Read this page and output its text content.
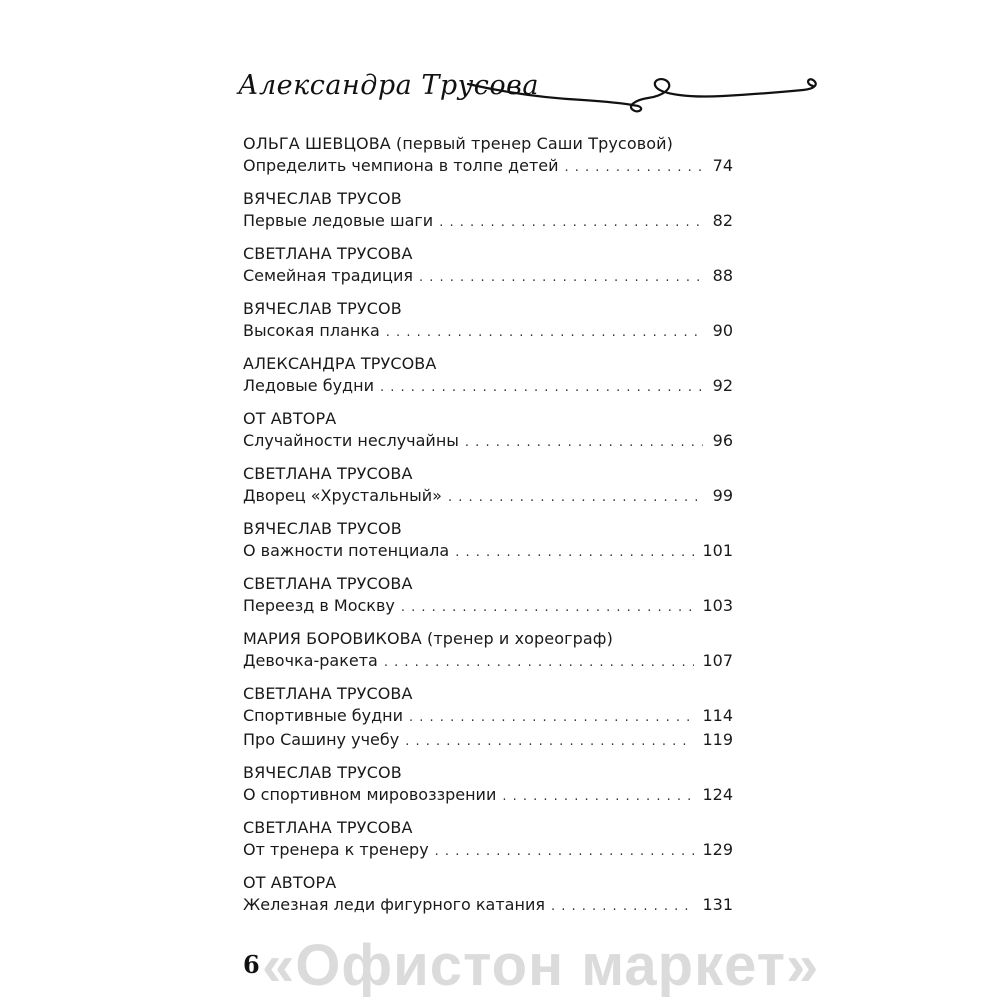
Александра Трусова
ОЛЬГА ШЕВЦОВА (первый тренер Саши Трусовой)
Определить чемпиона в толпе детей . . .	74
ВЯЧЕСЛАВ ТРУСОВ
Первые ледовые шаги . . .	82
СВЕТЛАНА ТРУСОВА
Семейная традиция . . .	88
ВЯЧЕСЛАВ ТРУСОВ
Высокая планка . . .	90
АЛЕКСАНДРА ТРУСОВА
Ледовые будни . . .	92
ОТ АВТОРА
Случайности неслучайны . . .	96
СВЕТЛАНА ТРУСОВА
Дворец «Хрустальный» . . .	99
ВЯЧЕСЛАВ ТРУСОВ
О важности потенциала . . .	101
СВЕТЛАНА ТРУСОВА
Переезд в Москву . . .	103
МАРИЯ БОРОВИКОВА (тренер и хореограф)
Девочка-ракета . . .	107
СВЕТЛАНА ТРУСОВА
Спортивные будни . . .	114
Про Сашину учебу . . .	119
ВЯЧЕСЛАВ ТРУСОВ
О спортивном мировоззрении . . .	124
СВЕТЛАНА ТРУСОВА
От тренера к тренеру . . .	129
ОТ АВТОРА
Железная леди фигурного катания . . .	131
6 «Офистон маркет»
